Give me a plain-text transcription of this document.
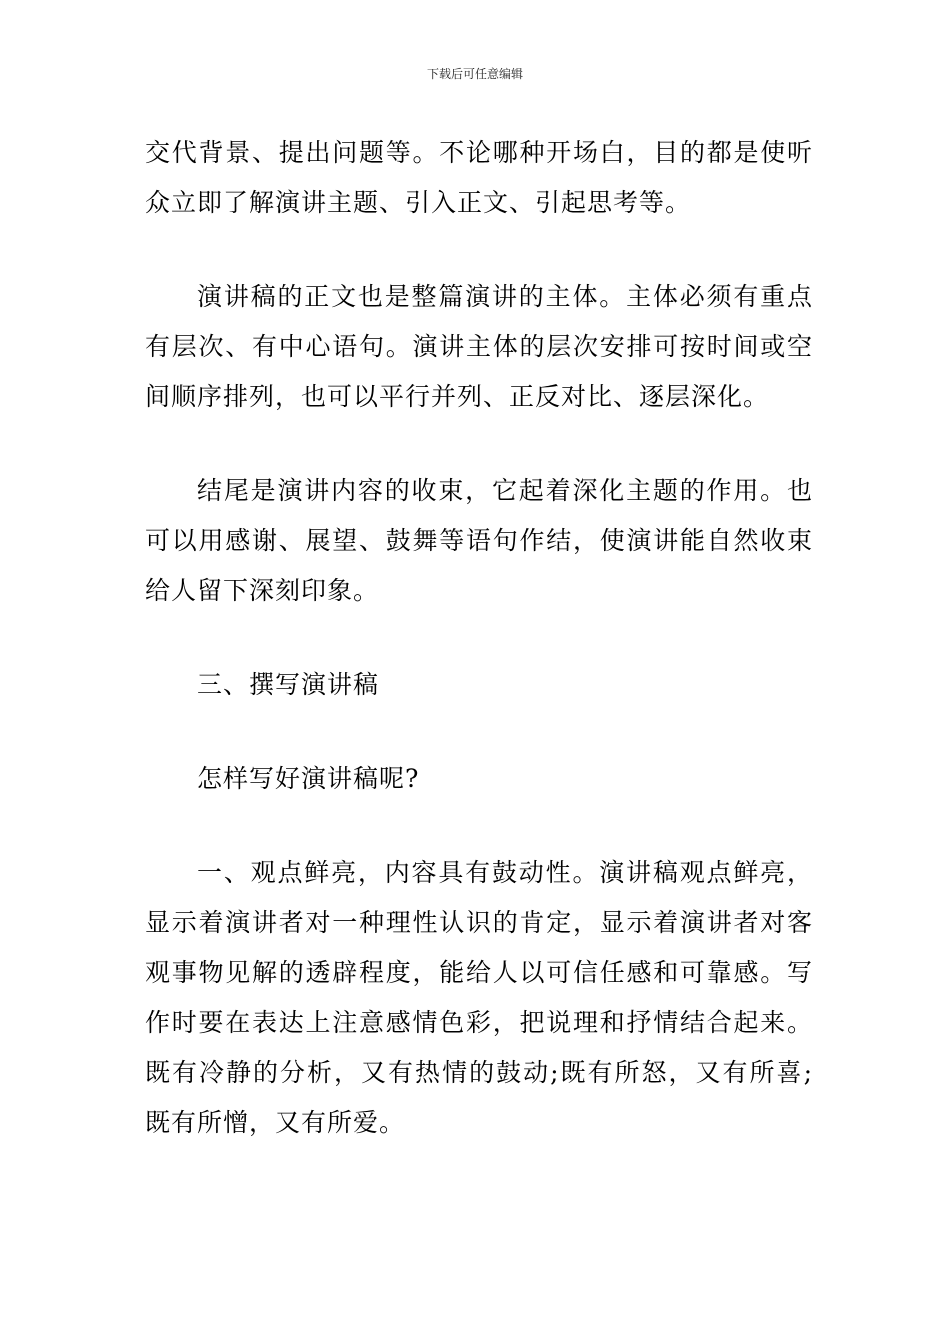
下载后可任意编辑

交代背景、提出问题等。不论哪种开场白，目的都是使听众立即了解演讲主题、引入正文、引起思考等。

演讲稿的正文也是整篇演讲的主体。主体必须有重点有层次、有中心语句。演讲主体的层次安排可按时间或空间顺序排列，也可以平行并列、正反对比、逐层深化。

结尾是演讲内容的收束，它起着深化主题的作用。也可以用感谢、展望、鼓舞等语句作结，使演讲能自然收束给人留下深刻印象。

三、撰写演讲稿

怎样写好演讲稿呢?

一、观点鲜亮，内容具有鼓动性。演讲稿观点鲜亮，显示着演讲者对一种理性认识的肯定，显示着演讲者对客观事物见解的透辟程度，能给人以可信任感和可靠感。写作时要在表达上注意感情色彩，把说理和抒情结合起来。既有冷静的分析，又有热情的鼓动;既有所怒，又有所喜;既有所憎，又有所爱。
